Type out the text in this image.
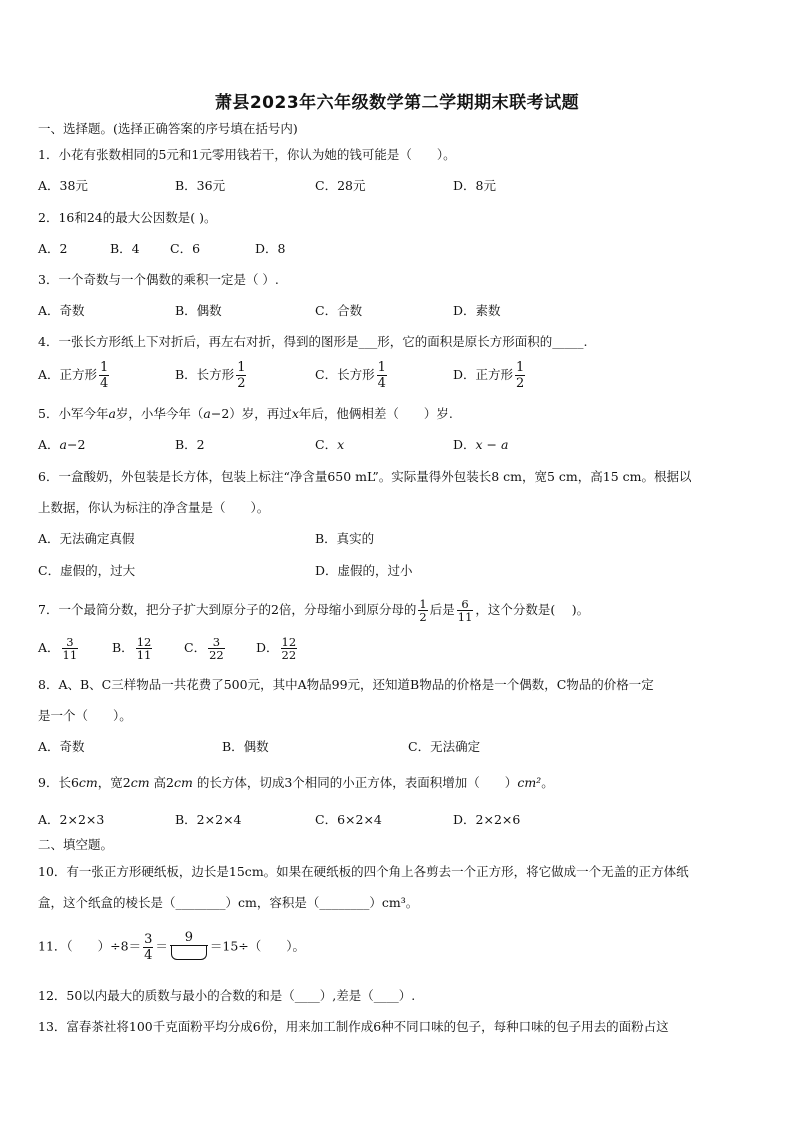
萧县2023年六年级数学第二学期期末联考试题
一、选择题。(选择正确答案的序号填在括号内)
1．小花有张数相同的5元和1元零用钱若干，你认为她的钱可能是（　　）。
A．38元	B．36元	C．28元	D．8元
2．16和24的最大公因数是( )。
A．2	B．4 C．6	D．8
3．一个奇数与一个偶数的乘积一定是（ ）.
A．奇数	B．偶数	C．合数	D．素数
4．一张长方形纸上下对折后，再左右对折，得到的图形是___形，它的面积是原长方形面积的_____.
A．正方形 $\frac{1}{4}$	B．长方形 $\frac{1}{2}$	C．长方形 $\frac{1}{4}$	D．正方形 $\frac{1}{2}$
5．小军今年a岁，小华今年（a−2）岁，再过x年后，他俩相差（　　）岁.
A．a−2	B．2	C．x	D．x − a
6．一盒酸奶，外包装是长方体，包装上标注“净含量650 mL”。实际量得外包装长8 cm，宽5 cm，高15 cm。根据以
上数据，你认为标注的净含量是（　　）。
A．无法确定真假	B．真实的
C．虚假的，过大	D．虚假的，过小
7．一个最简分数，把分子扩大到原分子的2倍，分母缩小到原分母的 $\frac{1}{2}$ 后是 $\frac{6}{11}$ ，这个分数是(　 )。
A． $\frac{3}{11}$	B． $\frac{12}{11}$	C． $\frac{3}{22}$	D． $\frac{12}{22}$
8．A、B、C三样物品一共花费了500元，其中A物品99元，还知道B物品的价格是一个偶数，C物品的价格一定
是一个（　　）。
A．奇数	B．偶数	C．无法确定
9．长6cm，宽2cm 高2cm 的长方体，切成3个相同的小正方体，表面积增加（　　）cm²。
A．2×2×3	B．2×2×4	C．6×2×4	D．2×2×6
二、填空题。
10．有一张正方形硬纸板，边长是15cm。如果在硬纸板的四个角上各剪去一个正方形，将它做成一个无盖的正方体纸
盒，这个纸盒的棱长是（________）cm，容积是（________）cm³。
11．（　　）$\div 8= \frac{3}{4}$ ＝
9
＝15÷（　　）。
12．50以内最大的质数与最小的合数的和是（____）,差是（____）.
13．富春茶社将100千克面粉平均分成6份，用来加工制作成6种不同口味的包子，每种口味的包子用去的面粉占这
